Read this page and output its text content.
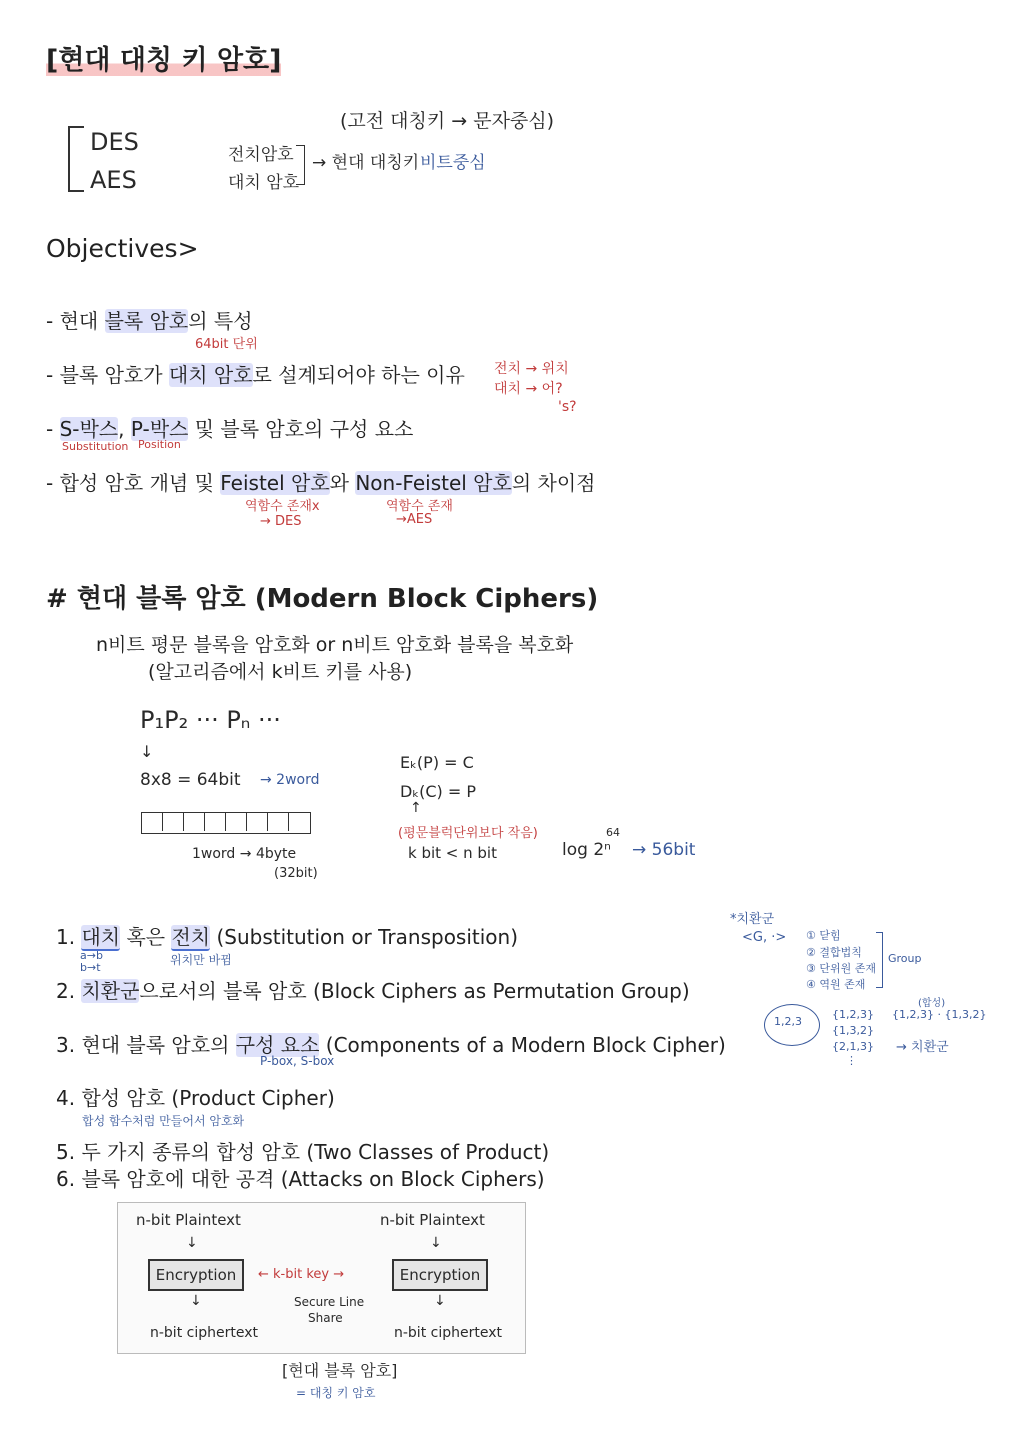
[현대 대칭 키 암호]
DES
AES
(고전 대칭키 → 문자중심)
전치암호
대치 암호
→ 현대 대칭키 비트중심
Objectives>
- 현대 블록 암호의 특성
64bit 단위
- 블록 암호가 대치 암호로 설계되어야 하는 이유 전치 → 위치
대치 → 어?
's?
- S-박스, P-박스 및 블록 암호의 구성 요소
Substitution Position
- 합성 암호 개념 및 Feistel 암호와 Non-Feistel 암호의 차이점
역함수 존재x
→ DES
역함수 존재
→AES
# 현대 블록 암호 (Modern Block Ciphers)
n비트 평문 블록을 암호화 or n비트 암호화 블록을 복호화
(알고리즘에서 k비트 키를 사용)
P₁P₂ ··· Pₙ ···
↓
8x8 = 64bit → 2word
1word → 4byte
(32bit)
Eₖ(P) = C
Dₖ(C) = P
↑
(평문블럭단위보다 작음)
k bit < n bit	log 2ⁿ
64
→ 56bit
1. 대치 혹은 전치 (Substitution or Transposition)
a→b
b→t
위치만 바뀜
2. 치환군으로서의 블록 암호 (Block Ciphers as Permutation Group)
3. 현대 블록 암호의 구성 요소 (Components of a Modern Block Cipher)
P-box, S-box
4. 합성 암호 (Product Cipher)
합성 함수처럼 만들어서 암호화
5. 두 가지 종류의 합성 암호 (Two Classes of Product)
6. 블록 암호에 대한 공격 (Attacks on Block Ciphers)
*치환군
<G, ·> ① 닫힘
② 결합법칙
③ 단위원 존재
④ 역원 존재
Group
1,2,3
{1,2,3}
{1,3,2}
{2,1,3}
⋮
(합성)
{1,2,3} · {1,3,2}
→ 치환군
n-bit Plaintext	n-bit Plaintext
↓	↓
Encryption	Encryption
← k-bit key →
↓	↓
Secure Line
Share
n-bit ciphertext	n-bit ciphertext
[현대 블록 암호]
= 대칭 키 암호
